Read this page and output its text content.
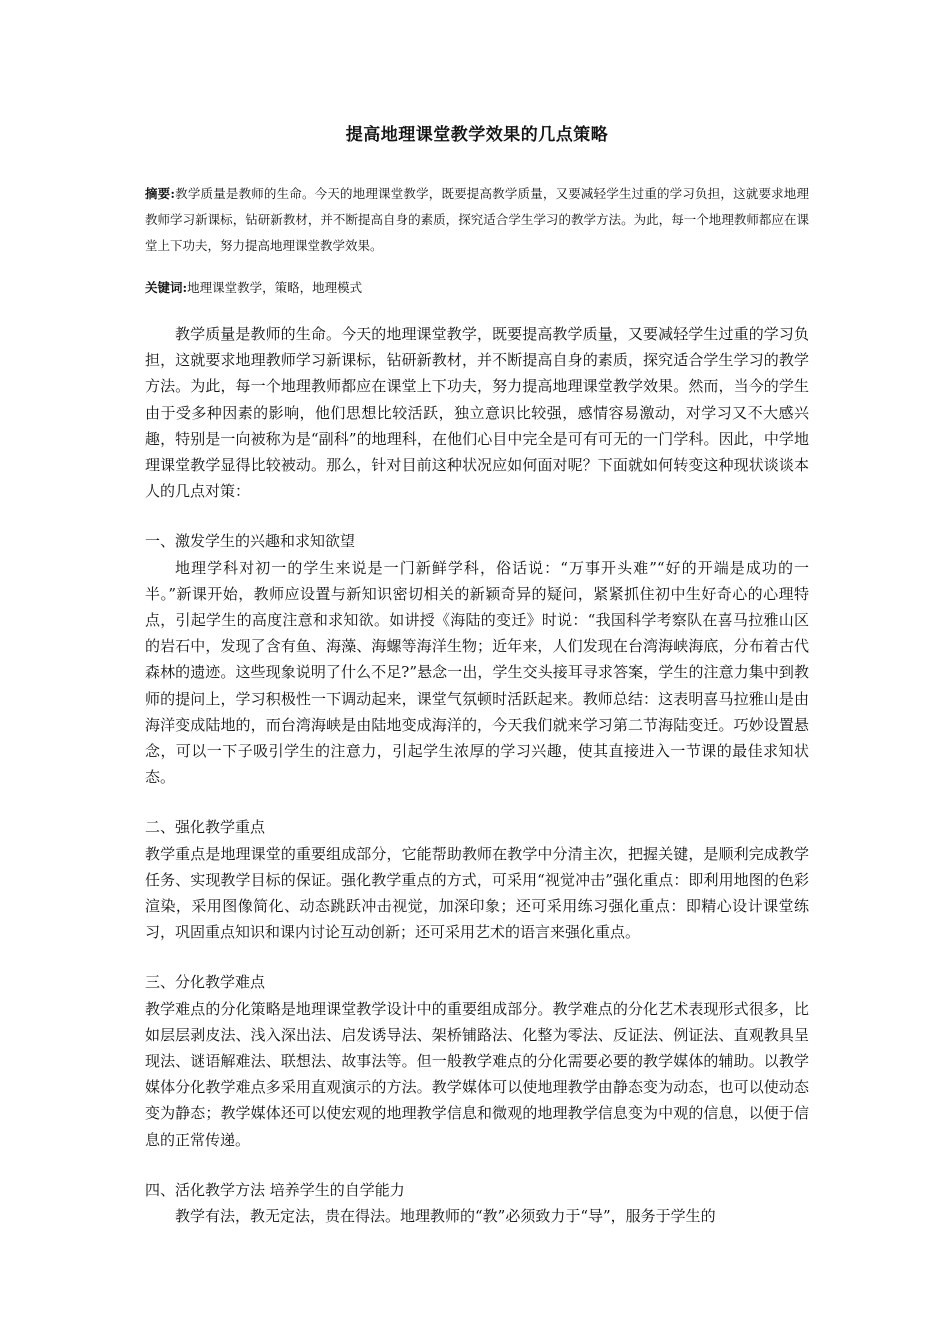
提高地理课堂教学效果的几点策略

摘要:教学质量是教师的生命。今天的地理课堂教学，既要提高教学质量，又要减轻学生过重的学习负担，这就要求地理教师学习新课标，钻研新教材，并不断提高自身的素质，探究适合学生学习的教学方法。为此，每一个地理教师都应在课堂上下功夫，努力提高地理课堂教学效果。

关键词:地理课堂教学，策略，地理模式

教学质量是教师的生命。今天的地理课堂教学，既要提高教学质量，又要减轻学生过重的学习负担，这就要求地理教师学习新课标，钻研新教材，并不断提高自身的素质，探究适合学生学习的教学方法。为此，每一个地理教师都应在课堂上下功夫，努力提高地理课堂教学效果。然而，当今的学生由于受多种因素的影响，他们思想比较活跃，独立意识比较强，感情容易激动，对学习又不大感兴趣，特别是一向被称为是“副科”的地理科，在他们心目中完全是可有可无的一门学科。因此，中学地理课堂教学显得比较被动。那么，针对目前这种状况应如何面对呢？下面就如何转变这种现状谈谈本人的几点对策：

一、激发学生的兴趣和求知欲望

地理学科对初一的学生来说是一门新鲜学科，俗话说：“万事开头难”“好的开端是成功的一半。”新课开始，教师应设置与新知识密切相关的新颖奇异的疑问，紧紧抓住初中生好奇心的心理特点，引起学生的高度注意和求知欲。如讲授《海陆的变迁》时说：“我国科学考察队在喜马拉雅山区的岩石中，发现了含有鱼、海藻、海螺等海洋生物；近年来，人们发现在台湾海峡海底，分布着古代森林的遗迹。这些现象说明了什么不足?”悬念一出，学生交头接耳寻求答案，学生的注意力集中到教师的提问上，学习积极性一下调动起来，课堂气氛顿时活跃起来。教师总结：这表明喜马拉雅山是由海洋变成陆地的，而台湾海峡是由陆地变成海洋的，今天我们就来学习第二节海陆变迁。巧妙设置悬念，可以一下子吸引学生的注意力，引起学生浓厚的学习兴趣，使其直接进入一节课的最佳求知状态。

二、强化教学重点

教学重点是地理课堂的重要组成部分，它能帮助教师在教学中分清主次，把握关键，是顺利完成教学任务、实现教学目标的保证。强化教学重点的方式，可采用“视觉冲击”强化重点：即利用地图的色彩渲染，采用图像简化、动态跳跃冲击视觉，加深印象；还可采用练习强化重点：即精心设计课堂练习，巩固重点知识和课内讨论互动创新；还可采用艺术的语言来强化重点。

三、分化教学难点

教学难点的分化策略是地理课堂教学设计中的重要组成部分。教学难点的分化艺术表现形式很多，比如层层剥皮法、浅入深出法、启发诱导法、架桥铺路法、化整为零法、反证法、例证法、直观教具呈现法、谜语解难法、联想法、故事法等。但一般教学难点的分化需要必要的教学媒体的辅助。以教学媒体分化教学难点多采用直观演示的方法。教学媒体可以使地理教学由静态变为动态，也可以使动态变为静态；教学媒体还可以使宏观的地理教学信息和微观的地理教学信息变为中观的信息，以便于信息的正常传递。

四、活化教学方法 培养学生的自学能力

教学有法，教无定法，贵在得法。地理教师的“教”必须致力于“导”，服务于学生的
